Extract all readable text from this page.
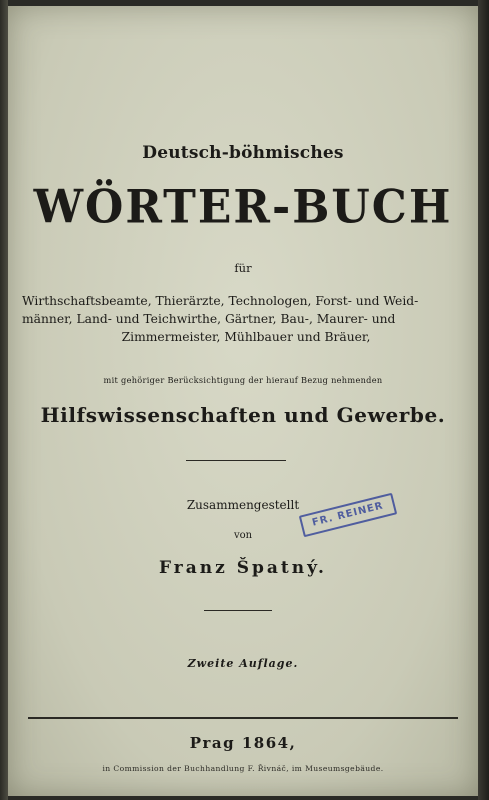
Deutsch-böhmisches
WÖRTER-BUCH
für
Wirthschaftsbeamte, Thierärzte, Technologen, Forst- und Weid-
männer, Land- und Teichwirthe, Gärtner, Bau-, Maurer- und
Zimmermeister, Mühlbauer und Bräuer,
mit gehöriger Berücksichtigung der hierauf Bezug nehmenden
Hilfswissenschaften und Gewerbe.
Zusammengestellt
von
Franz Špatný.
Zweite Auflage.
Prag 1864,
in Commission der Buchhandlung F. Řivnáč, im Museumsgebäude.
FR. REINER
